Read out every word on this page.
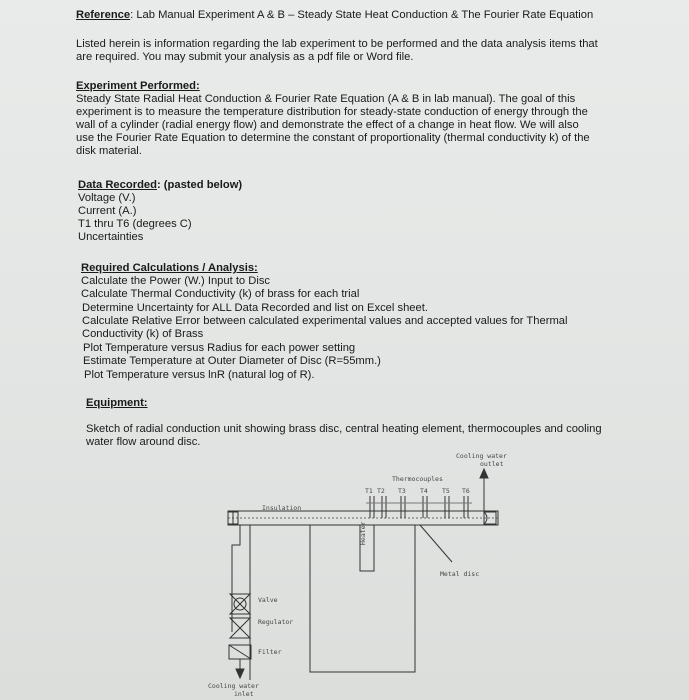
Reference: Lab Manual Experiment A & B – Steady State Heat Conduction & The Fourier Rate Equation
Listed herein is information regarding the lab experiment to be performed and the data analysis items that
are required. You may submit your analysis as a pdf file or Word file.
Experiment Performed:
Steady State Radial Heat Conduction & Fourier Rate Equation (A & B in lab manual). The goal of this
experiment is to measure the temperature distribution for steady-state conduction of energy through the
wall of a cylinder (radial energy flow) and demonstrate the effect of a change in heat flow. We will also
use the Fourier Rate Equation to determine the constant of proportionality (thermal conductivity k) of the
disk material.
Data Recorded: (pasted below)
Voltage (V.)
Current (A.)
T1 thru T6 (degrees C)
Uncertainties
Required Calculations / Analysis:
Calculate the Power (W.) Input to Disc
Calculate Thermal Conductivity (k) of brass for each trial
Determine Uncertainty for ALL Data Recorded and list on Excel sheet.
Calculate Relative Error between calculated experimental values and accepted values for Thermal
Conductivity (k) of Brass
Plot Temperature versus Radius for each power setting
Estimate Temperature at Outer Diameter of Disc (R=55mm.)
Plot Temperature versus lnR (natural log of R).
Equipment:
Sketch of radial conduction unit showing brass disc, central heating element, thermocouples and cooling
water flow around disc.
Cooling water
outlet
Thermocouples
T1 T2 T3 T4 T5 T6
Insulation
Heater
Metal disc
Valve
Regulator
Filter
Cooling water
inlet
